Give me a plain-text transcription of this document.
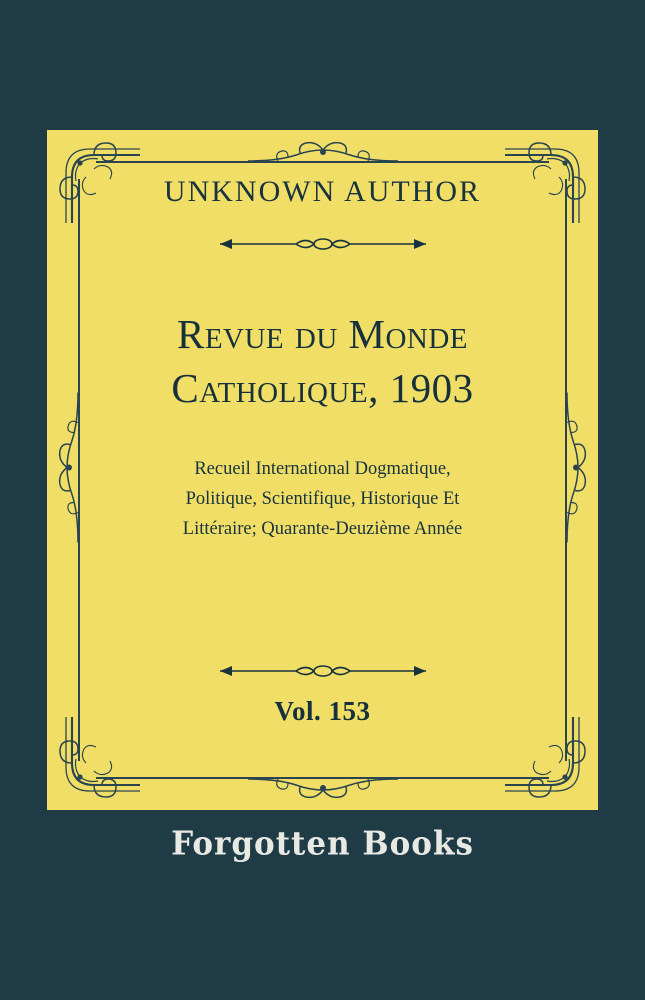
UNKNOWN AUTHOR
Revue du Monde
Catholique, 1903
Recueil International Dogmatique,
Politique, Scientifique, Historique Et
Littéraire; Quarante-Deuzième Année
Vol. 153
Forgotten Books
